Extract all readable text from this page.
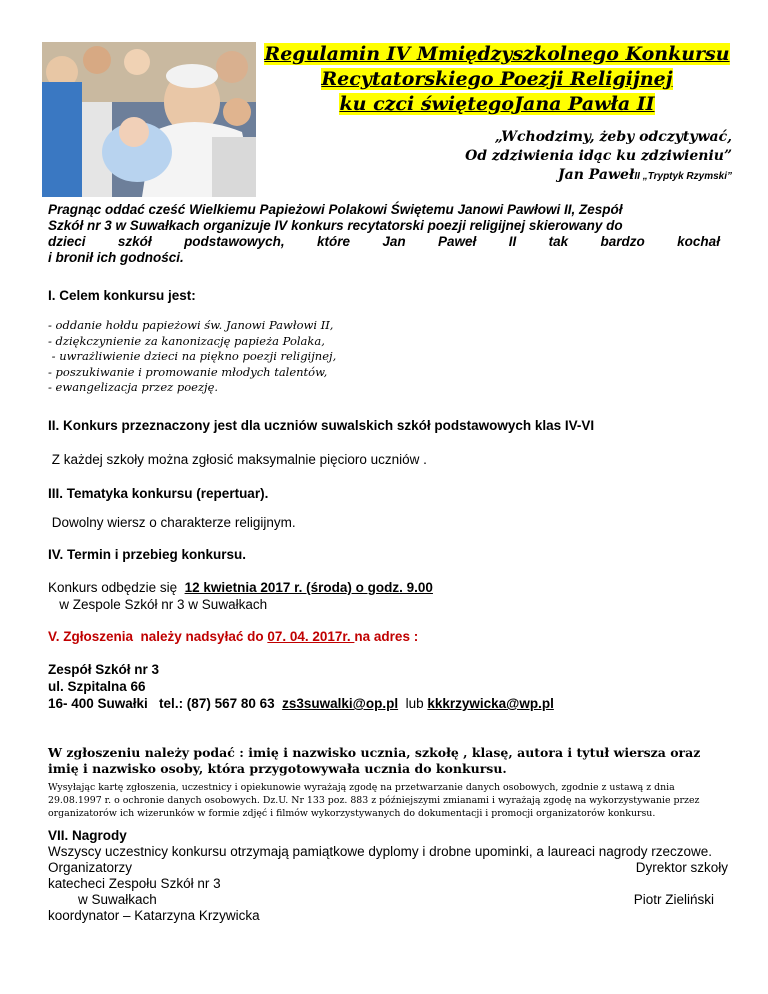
Regulamin IV Mmiędzyszkolnego Konkursu
Recytatorskiego Poezji Religijnej
ku czci świętegoJana Pawła II
„Wchodzimy, żeby odczytywać,
Od zdziwienia idąc ku zdziwieniu”
Jan PawełII „Tryptyk Rzymski”
Pragnąc oddać cześć Wielkiemu Papieżowi Polakowi Świętemu Janowi Pawłowi II, Zespół
Szkół nr 3 w Suwałkach organizuje IV konkurs recytatorski poezji religijnej skierowany do
dzieci szkół podstawowych, które Jan Paweł II tak bardzo kochał
i bronił ich godności.
I. Celem konkursu jest:
- oddanie hołdu papieżowi św. Janowi Pawłowi II,
- dziękczynienie za kanonizację papieża Polaka,
- uwrażliwienie dzieci na piękno poezji religijnej,
- poszukiwanie i promowanie młodych talentów,
- ewangelizacja przez poezję.
II. Konkurs przeznaczony jest dla uczniów suwalskich szkół podstawowych klas IV-VI
Z każdej szkoły można zgłosić maksymalnie pięcioro uczniów .
III. Tematyka konkursu (repertuar).
Dowolny wiersz o charakterze religijnym.
IV. Termin i przebieg konkursu.
Konkurs odbędzie się  12 kwietnia 2017 r. (środa) o godz. 9.00
w Zespole Szkół nr 3 w Suwałkach
V. Zgłoszenia  należy nadsyłać do 07. 04. 2017r. na adres :
Zespół Szkół nr 3
ul. Szpitalna 66
16- 400 Suwałki   tel.: (87) 567 80 63  zs3suwalki@op.pl  lub kkkrzywicka@wp.pl
W zgłoszeniu należy podać : imię i nazwisko ucznia, szkołę , klasę, autora i tytuł wiersza oraz imię i nazwisko osoby, która przygotowywała ucznia do konkursu.
Wysyłając kartę zgłoszenia, uczestnicy i opiekunowie wyrażają zgodę na przetwarzanie danych osobowych, zgodnie z ustawą z dnia 29.08.1997 r. o ochronie danych osobowych. Dz.U. Nr 133 poz. 883 z późniejszymi zmianami i wyrażają zgodę na wykorzystywanie przez organizatorów ich wizerunków w formie zdjęć i filmów wykorzystywanych do dokumentacji i promocji organizatorów konkursu.
VII. Nagrody
Wszyscy uczestnicy konkursu otrzymają pamiątkowe dyplomy i drobne upominki, a laureaci nagrody rzeczowe.
Organizatorzy	Dyrektor szkoły
katecheci Zespołu Szkół nr 3
w Suwałkach	Piotr Zieliński
koordynator – Katarzyna Krzywicka
